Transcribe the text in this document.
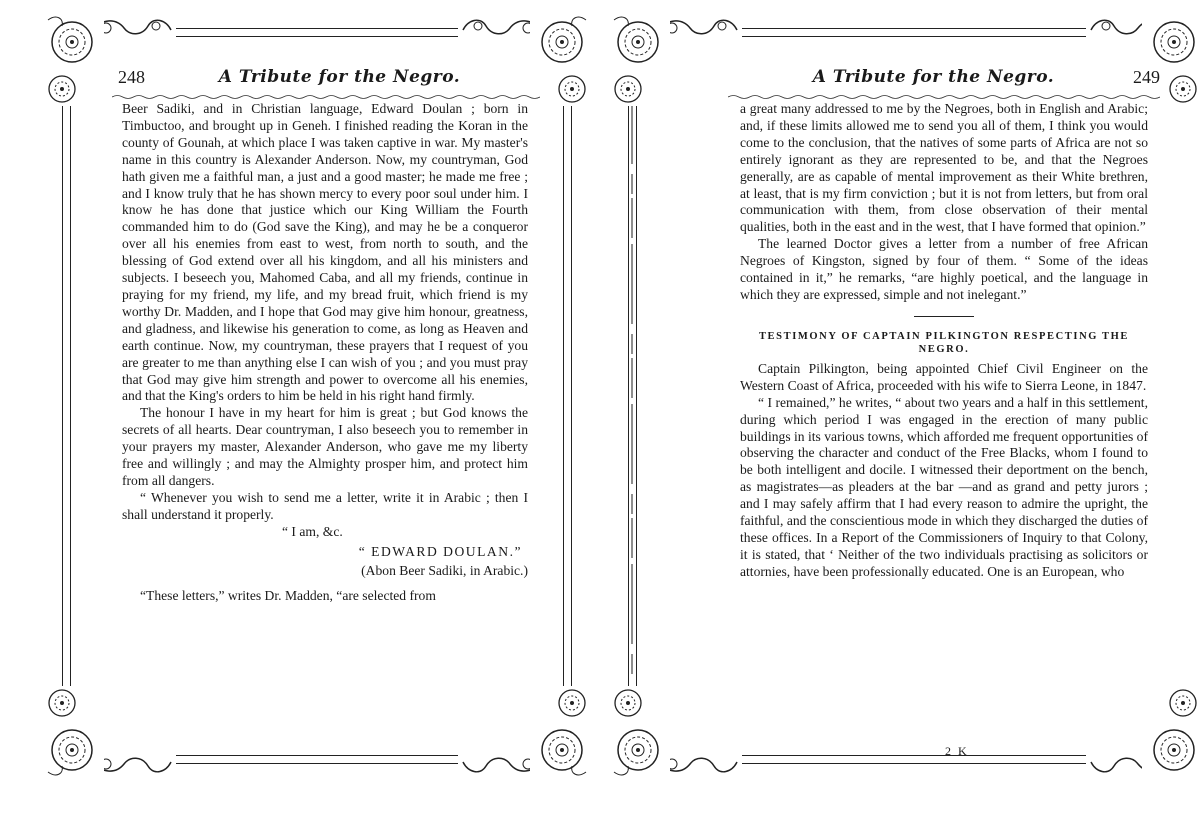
248	A Tribute for the Negro.

Beer Sadiki, and in Christian language, Edward Doulan ; born in Timbuctoo, and brought up in Geneh. I finished reading the Koran in the county of Gounah, at which place I was taken captive in war. My master's name in this country is Alexander Anderson. Now, my countryman, God hath given me a faithful man, a just and a good master; he made me free ; and I know truly that he has shown mercy to every poor soul under him. I know he has done that justice which our King William the Fourth commanded him to do (God save the King), and may he be a conqueror over all his enemies from east to west, from north to south, and the blessing of God extend over all his kingdom, and all his ministers and subjects. I beseech you, Mahomed Caba, and all my friends, continue in praying for my friend, my life, and my bread fruit, which friend is my worthy Dr. Madden, and I hope that God may give him honour, greatness, and gladness, and likewise his generation to come, as long as Heaven and earth continue. Now, my countryman, these prayers that I request of you are greater to me than anything else I can wish of you ; and you must pray that God may give him strength and power to overcome all his enemies, and that the King's orders to him be held in his right hand firmly.

The honour I have in my heart for him is great ; but God knows the secrets of all hearts. Dear countryman, I also beseech you to remember in your prayers my master, Alexander Anderson, who gave me my liberty free and willingly ; and may the Almighty prosper him, and protect him from all dangers.

“ Whenever you wish to send me a letter, write it in Arabic ; then I shall understand it properly.

“ I am, &c.

“ EDWARD DOULAN.”

(Abon Beer Sadiki, in Arabic.)

“These letters,” writes Dr. Madden, “are selected from

A Tribute for the Negro.	249

a great many addressed to me by the Negroes, both in English and Arabic; and, if these limits allowed me to send you all of them, I think you would come to the conclusion, that the natives of some parts of Africa are not so entirely ignorant as they are represented to be, and that the Negroes generally, are as capable of mental improvement as their White brethren, at least, that is my firm conviction ; but it is not from letters, but from oral communication with them, from close observation of their mental qualities, both in the east and in the west, that I have formed that opinion.”

The learned Doctor gives a letter from a number of free African Negroes of Kingston, signed by four of them. “ Some of the ideas contained in it,” he remarks, “are highly poetical, and the language in which they are expressed, simple and not inelegant.”

TESTIMONY OF CAPTAIN PILKINGTON RESPECTING THE NEGRO.

Captain Pilkington, being appointed Chief Civil Engineer on the Western Coast of Africa, proceeded with his wife to Sierra Leone, in 1847.

“ I remained,” he writes, “ about two years and a half in this settlement, during which period I was engaged in the erection of many public buildings in its various towns, which afforded me frequent opportunities of observing the character and conduct of the Free Blacks, whom I found to be both intelligent and docile. I witnessed their deportment on the bench, as magistrates—as pleaders at the bar —and as grand and petty jurors ; and I may safely affirm that I had every reason to admire the upright, the faithful, and the conscientious mode in which they discharged the duties of these offices. In a Report of the Commissioners of Inquiry to that Colony, it is stated, that ‘ Neither of the two individuals practising as solicitors or attornies, have been professionally educated. One is an European, who

2 K
